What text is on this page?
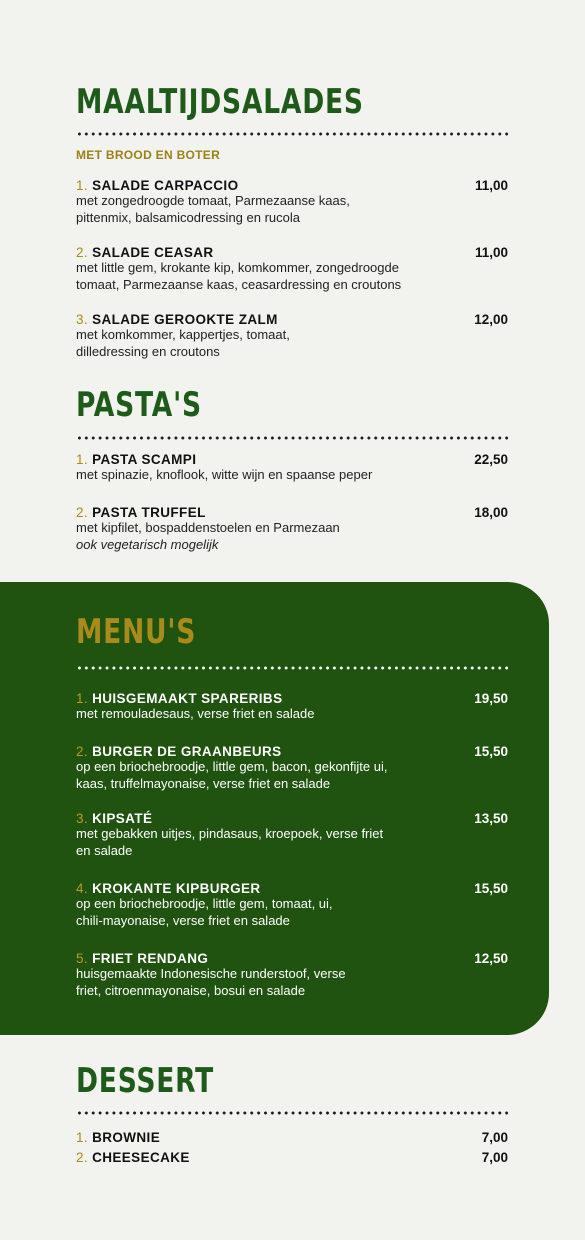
MAALTIJDSALADES
MET BROOD EN BOTER
1. SALADE CARPACCIO	11,00
met zongedroogde tomaat, Parmezaanse kaas,
pittenmix, balsamicodressing en rucola
2. SALADE CEASAR	11,00
met little gem, krokante kip, komkommer, zongedroogde
tomaat, Parmezaanse kaas, ceasardressing en croutons
3. SALADE GEROOKTE ZALM	12,00
met komkommer, kappertjes, tomaat,
dilledressing en croutons
PASTA'S
1. PASTA SCAMPI	22,50
met spinazie, knoflook, witte wijn en spaanse peper
2. PASTA TRUFFEL	18,00
met kipfilet, bospaddenstoelen en Parmezaan
ook vegetarisch mogelijk
MENU'S
1. HUISGEMAAKT SPARERIBS	19,50
met remouladesaus, verse friet en salade
2. BURGER DE GRAANBEURS	15,50
op een briochebroodje, little gem, bacon, gekonfijte ui,
kaas, truffelmayonaise, verse friet en salade
3. KIPSATÉ	13,50
met gebakken uitjes, pindasaus, kroepoek, verse friet
en salade
4. KROKANTE KIPBURGER	15,50
op een briochebroodje, little gem, tomaat, ui,
chili-mayonaise, verse friet en salade
5. FRIET RENDANG	12,50
huisgemaakte Indonesische runderstoof, verse
friet, citroenmayonaise, bosui en salade
DESSERT
1. BROWNIE	7,00
2. CHEESECAKE	7,00
